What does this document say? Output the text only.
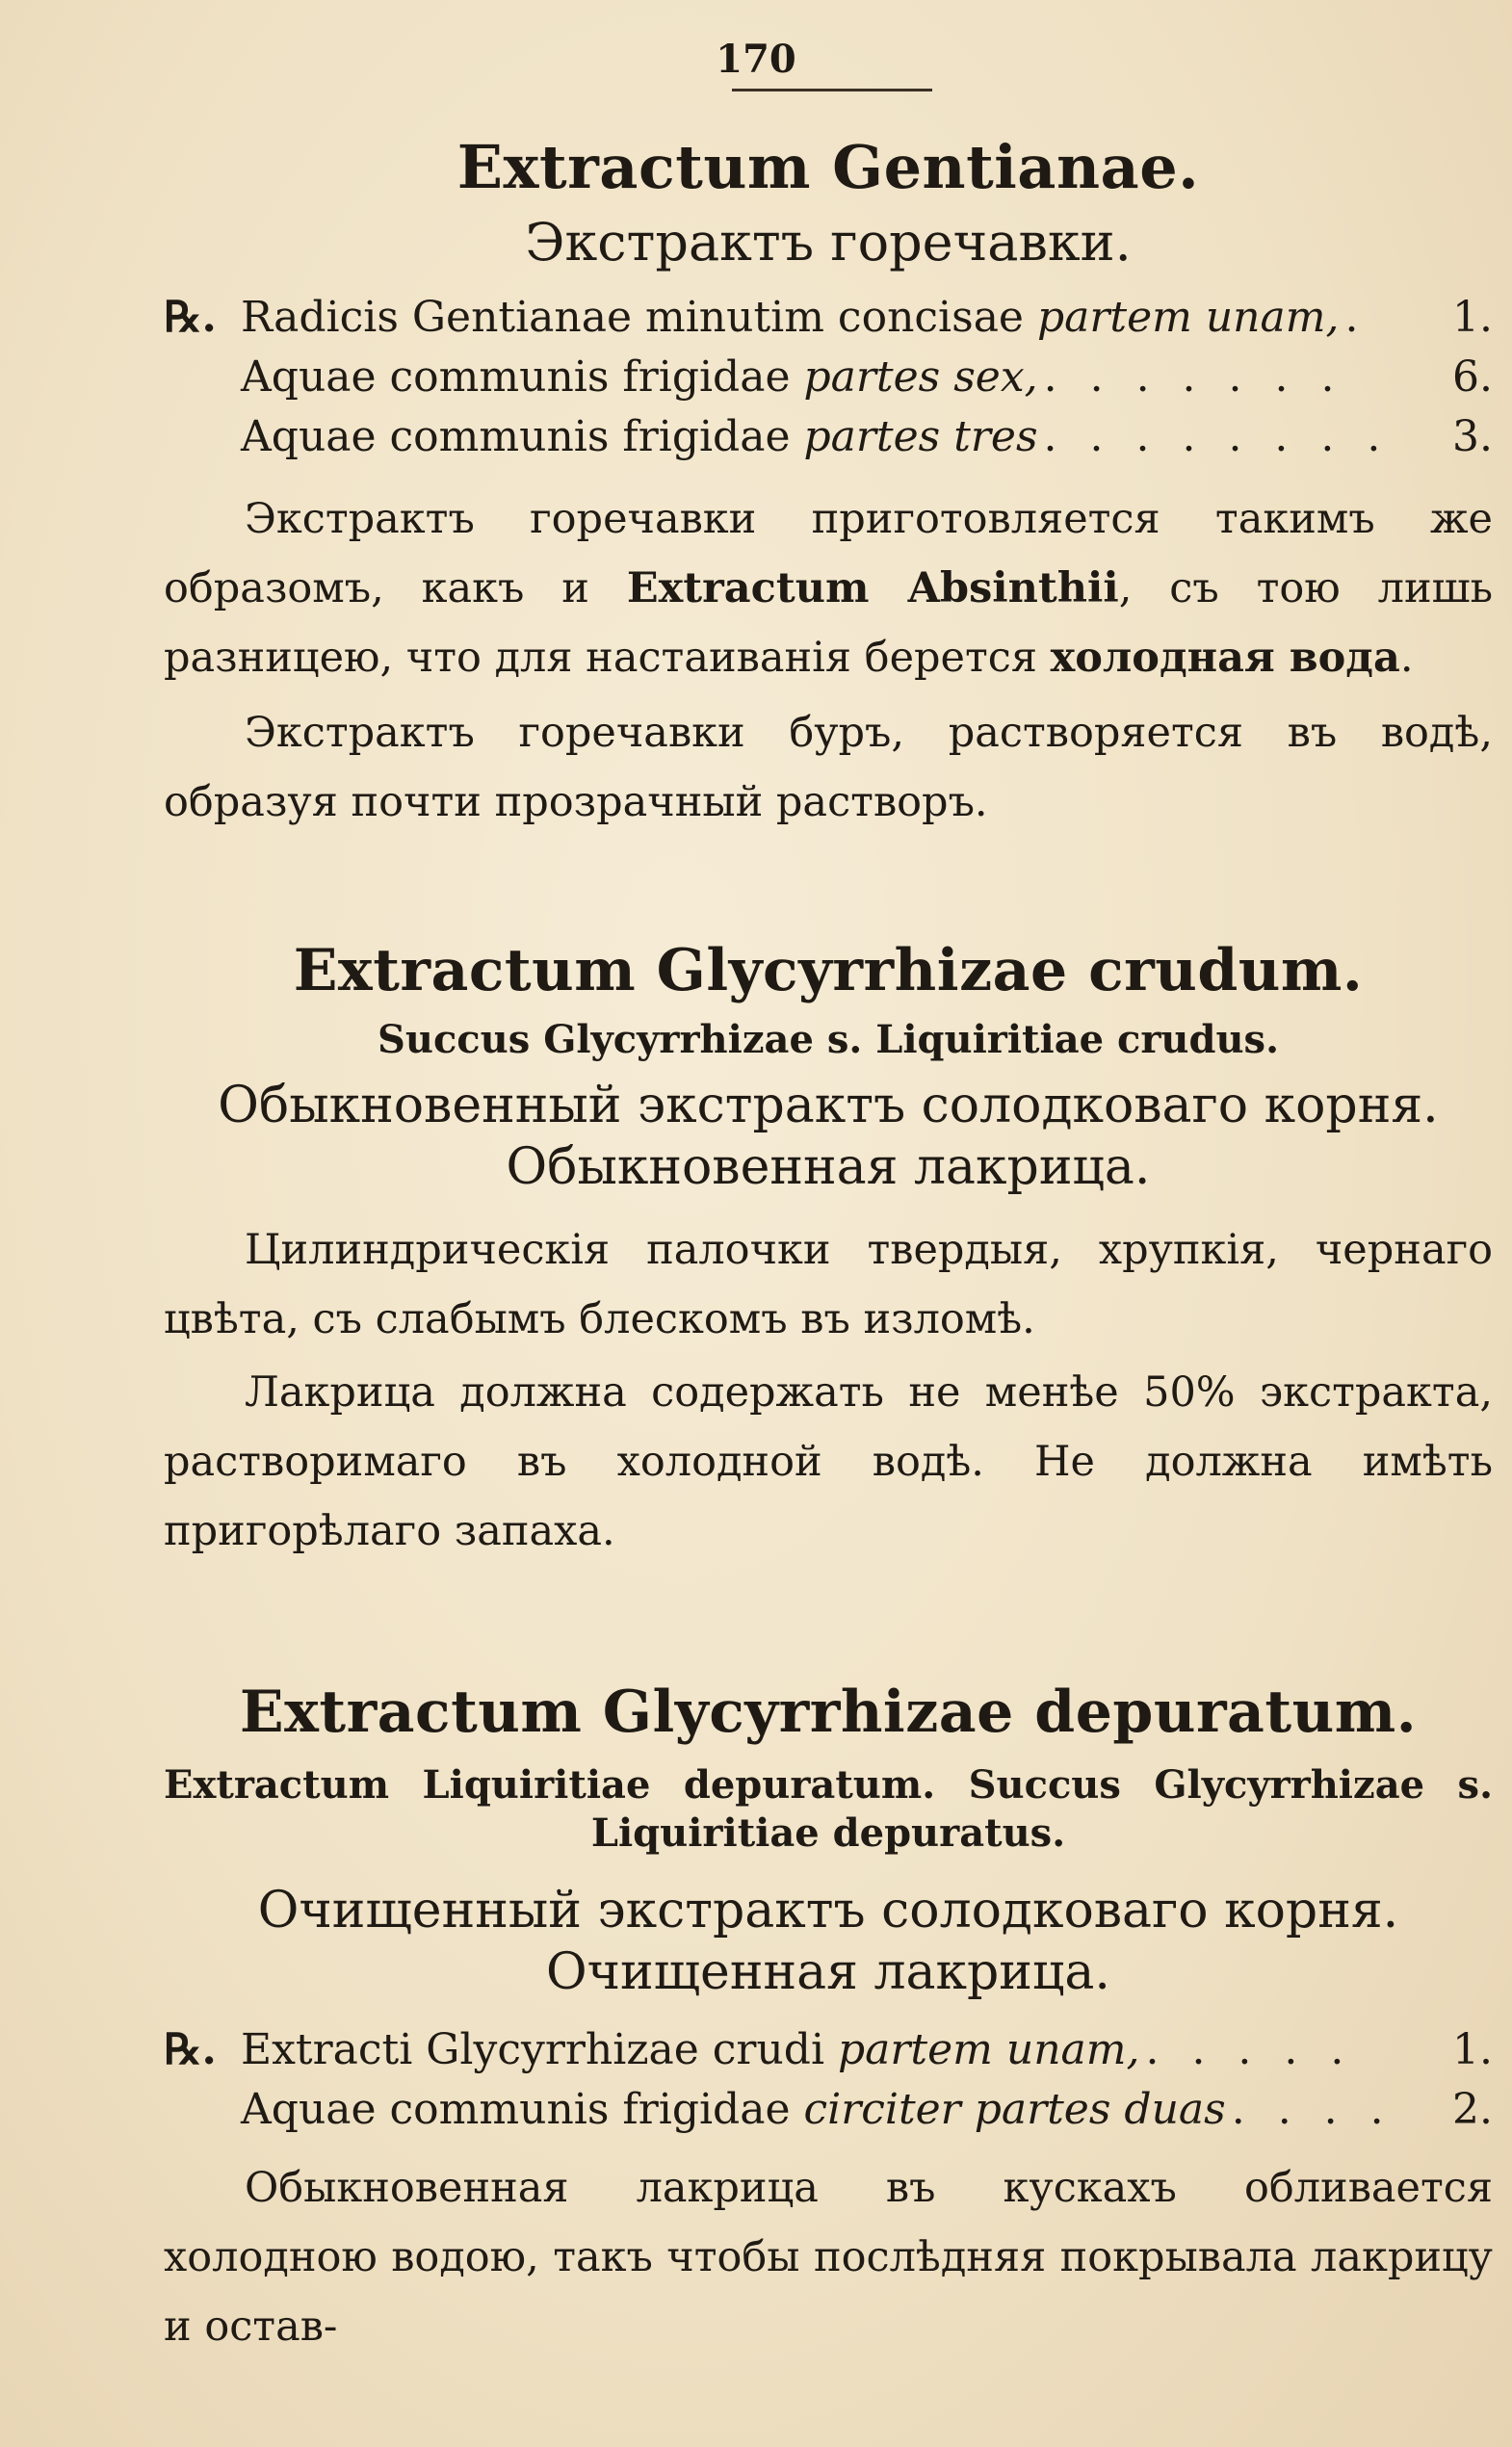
170
Extractum Gentianae.
Экстрактъ горечавки.
℞. Radicis Gentianae minutim concisae partem unam, .	1.
Aquae communis frigidae partes sex, . . . . . . .	6.
Aquae communis frigidae partes tres . . . . . . . .	3.

Экстрактъ горечавки приготовляется такимъ же образомъ, какъ и Extractum Absinthii, съ тою лишь разницею, что для настаиванія берется холодная вода.

Экстрактъ горечавки буръ, растворяется въ водѣ, образуя почти прозрачный растворъ.

Extractum Glycyrrhizae crudum.
Succus Glycyrrhizae s. Liquiritiae crudus.
Обыкновенный экстрактъ солодковаго корня.
Обыкновенная лакрица.

Цилиндрическія палочки твердыя, хрупкія, чернаго цвѣта, съ слабымъ блескомъ въ изломѣ.

Лакрица должна содержать не менѣе 50% экстракта, растворимаго въ холодной водѣ. Не должна имѣть пригорѣлаго запаха.

Extractum Glycyrrhizae depuratum.
Extractum Liquiritiae depuratum. Succus Glycyrrhizae s. Liquiritiae depuratus.
Очищенный экстрактъ солодковаго корня.
Очищенная лакрица.
℞. Extracti Glycyrrhizae crudi partem unam, . . . . .	1.
Aquae communis frigidae circiter partes duas . . . .	2.

Обыкновенная лакрица въ кускахъ обливается холодною водою, такъ чтобы послѣдняя покрывала лакрицу и остав-
